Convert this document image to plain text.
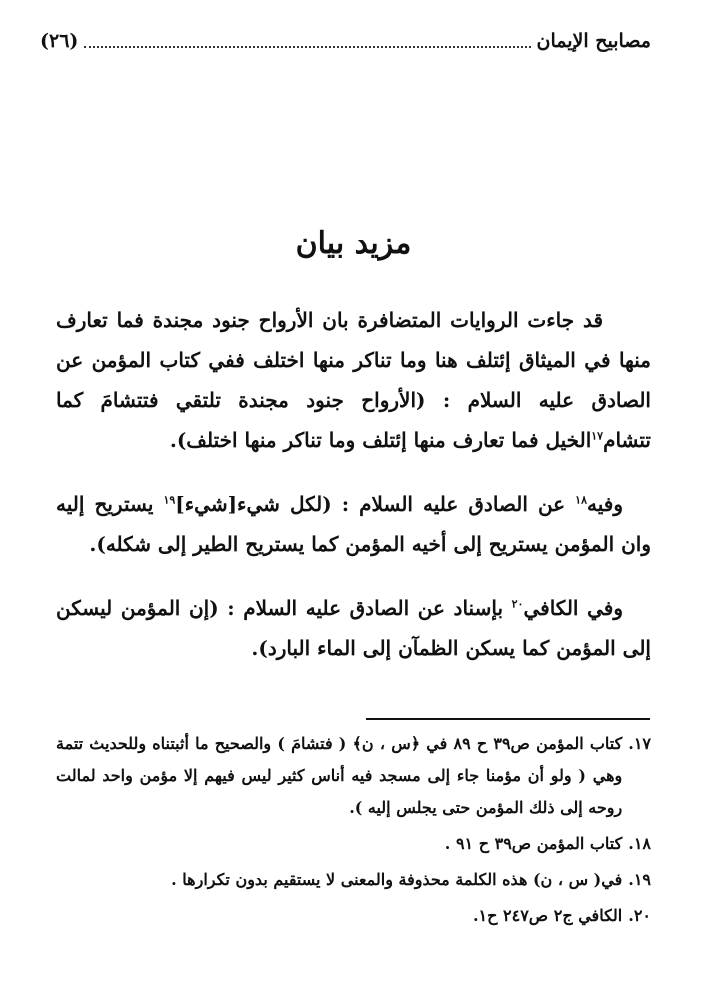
مصابيح الإيمان
(٢٦)
مزيد بيان

قد جاءت الروايات المتضافرة بان الأرواح جنود مجندة فما تعارف منها في الميثاق إئتلف هنا وما تناكر منها اختلف ففي كتاب المؤمن عن الصادق عليه السلام : (الأرواح جنود مجندة تلتقي فتتشامَ كما تتشام$^{١٧}$الخيل فما تعارف منها إئتلف وما تناكر منها اختلف).

وفيه$^{١٨}$ عن الصادق عليه السلام : (لكل شيء[شيء]$^{١٩}$ يستريح إليه وان المؤمن يستريح إلى أخيه المؤمن كما يستريح الطير إلى شكله).

وفي الكافي$^{٢٠}$ بإسناد عن الصادق عليه السلام : (إن المؤمن ليسكن إلى المؤمن كما يسكن الظمآن إلى الماء البارد).

١٧.
كتاب المؤمن ص٣٩ ح ٨٩ في ﴿س ، ن﴾ ( فتشامَ ) والصحيح ما أثبتناه وللحديث تتمة وهي ( ولو أن مؤمنا جاء إلى مسجد فيه أناس كثير ليس فيهم إلا مؤمن واحد لمالت روحه إلى ذلك المؤمن حتى يجلس إليه ).
١٨.
كتاب المؤمن ص٣٩ ح ٩١ .
١٩.
في( س ، ن) هذه الكلمة محذوفة والمعنى لا يستقيم بدون تكرارها .
٢٠.
الكافي ج٢ ص٢٤٧ ح١.
